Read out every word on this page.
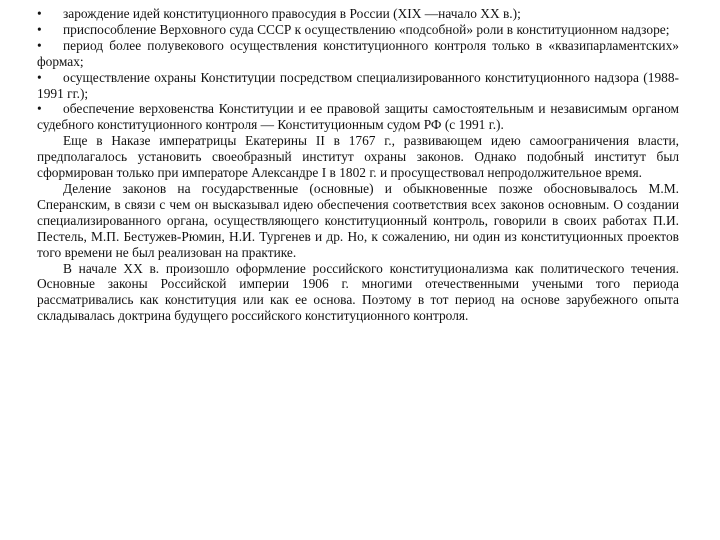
• зарождение идей конституционного правосудия в России (XIX —начало XX в.);
• приспособление Верховного суда СССР к осуществлению «подсобной» роли в конституционном надзоре;
• период более полувекового осуществления конституционного контроля только в «квазипарламентских» формах;
• осуществление охраны Конституции посредством специализированного конституционного надзора (1988-1991 гг.);
• обеспечение верховенства Конституции и ее правовой защиты самостоятельным и независимым органом судебного конституционного контроля — Конституционным судом РФ (с 1991 г.).

Еще в Наказе императрицы Екатерины II в 1767 г., развивающем идею самоограничения власти, предполагалось установить своеобразный институт охраны законов. Однако подобный институт был сформирован только при императоре Александре I в 1802 г. и просуществовал непродолжительное время.

Деление законов на государственные (основные) и обыкновенные позже обосновывалось М.М. Сперанским, в связи с чем он высказывал идею обеспечения соответствия всех законов основным. О создании специализированного органа, осуществляющего конституционный контроль, говорили в своих работах П.И. Пестель, М.П. Бестужев-Рюмин, Н.И. Тургенев и др. Но, к сожалению, ни один из конституционных проектов того времени не был реализован на практике.

В начале XX в. произошло оформление российского конституционализма как политического течения. Основные законы Российской империи 1906 г. многими отечественными учеными того периода рассматривались как конституция или как ее основа. Поэтому в тот период на основе зарубежного опыта складывалась доктрина будущего российского конституционного контроля.
